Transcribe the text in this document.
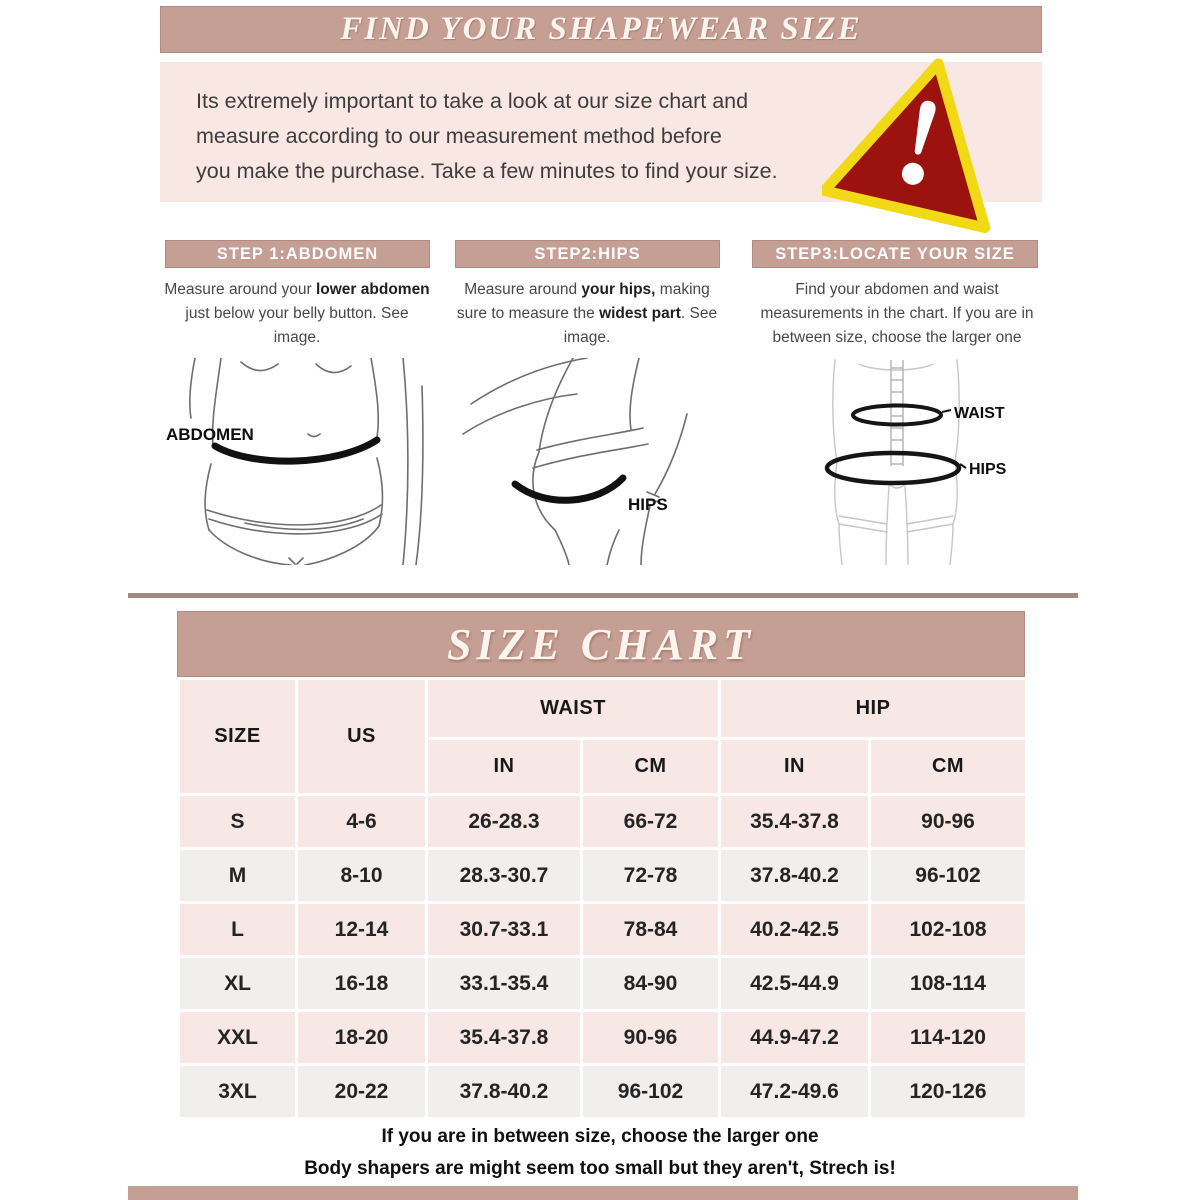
FIND YOUR SHAPEWEAR SIZE
Its extremely important to take a look at our size chart and
measure according to our measurement method before
you make the purchase. Take a few minutes to find your size.
STEP 1:ABDOMEN	STEP2:HIPS	STEP3:LOCATE YOUR SIZE
Measure around your lower abdomen just below your belly button. See image.
Measure around your hips, making sure to measure the widest part. See image.
Find your abdomen and waist measurements in the chart. If you are in between size, choose the larger one
ABDOMEN
HIPS
WAIST
HIPS
SIZE CHART
SIZE	US	WAIST		HIP	
		IN	CM	IN	CM
S	4-6	26-28.3	66-72	35.4-37.8	90-96
M	8-10	28.3-30.7	72-78	37.8-40.2	96-102
L	12-14	30.7-33.1	78-84	40.2-42.5	102-108
XL	16-18	33.1-35.4	84-90	42.5-44.9	108-114
XXL	18-20	35.4-37.8	90-96	44.9-47.2	114-120
3XL	20-22	37.8-40.2	96-102	47.2-49.6	120-126
If you are in between size, choose the larger one
Body shapers are might seem too small but they aren't, Strech is!
